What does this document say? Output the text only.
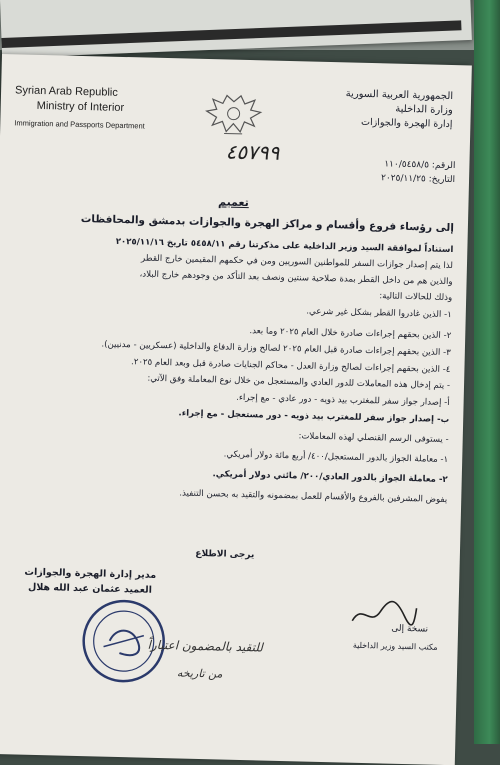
Syrian Arab Republic
Ministry of Interior
Immigration and Passports Department
الجمهورية العربية السورية
وزارة الداخلية
إدارة الهجرة والجوازات
٤٥٧٩٩
الرقم: ١١٠/٥٤٥٨/٥
التاريخ: ٢٠٢٥/١١/٢٥
تعميم
إلى رؤساء فروع وأقسام و مراكز الهجرة والجوازات بدمشق والمحافظات
استناداً لموافقة السيد وزير الداخلية على مذكرتنا رقم ٥٤٥٨/١١ تاريخ ٢٠٢٥/١١/١٦
لذا يتم إصدار جوازات السفر للمواطنين السوريين ومن في حكمهم المقيمين خارج القطر
والذين هم من داخل القطر بمدة صلاحية سنتين ونصف بعد التأكد من وجودهم خارج البلاد،
وذلك للحالات التالية:
١- الذين غادروا القطر بشكل غير شرعي.
٢- الذين بحقهم إجراءات صادرة خلال العام ٢٠٢٥ وما بعد.
٣- الذين بحقهم إجراءات صادرة قبل العام ٢٠٢٥ لصالح وزارة الدفاع والداخلية (عسكريين - مدنيين).
٤- الذين بحقهم إجراءات لصالح وزارة العدل - محاكم الجنايات صادرة قبل وبعد العام ٢٠٢٥.
- يتم إدخال هذه المعاملات للدور العادي والمستعجل من خلال نوع المعاملة وفق الآتي:
أ- إصدار جواز سفر للمغترب بيد ذويه - دور عادي - مع إجراء.
ب- إصدار جواز سفر للمغترب بيد ذويه - دور مستعجل - مع إجراء.
- يستوفى الرسم القنصلي لهذه المعاملات:
١- معاملة الجواز بالدور المستعجل/٤٠٠/ أربع مائة دولار أمريكي.
٢- معاملة الجواز بالدور العادي/٢٠٠/ مائتي دولار أمريكي.
يفوض المشرفين بالفروع والأقسام للعمل بمضمونه والتقيد به بحسن التنفيذ.
يرجى الاطلاع
مدير إدارة الهجرة والجوازات
العميد عثمان عبد الله هلال
نسخة إلى
مكتب السيد وزير الداخلية
للتقيد بالمضمون اعتباراً
من تاريخه
